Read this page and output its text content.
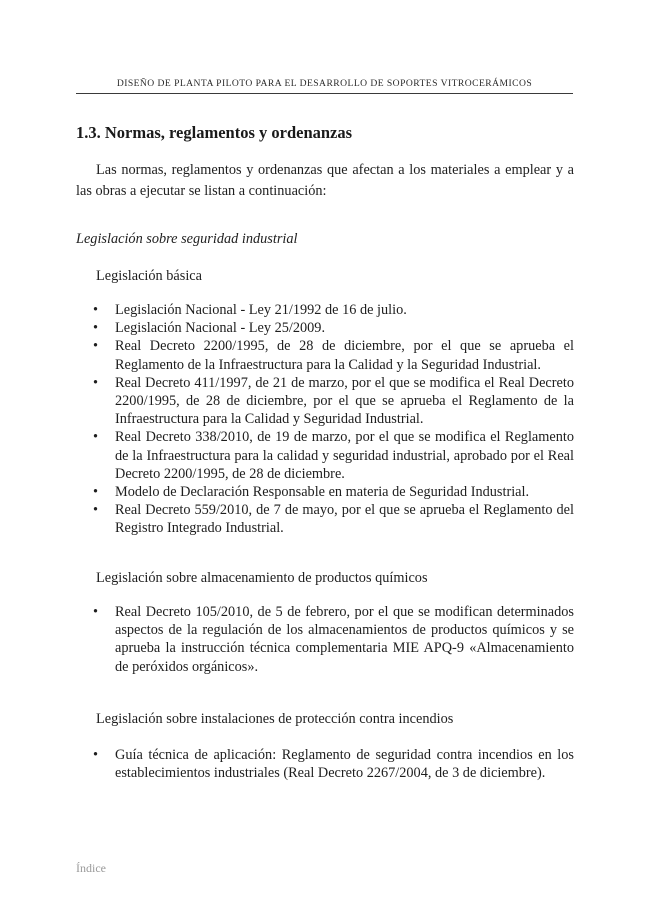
DISEÑO DE PLANTA PILOTO PARA EL DESARROLLO DE SOPORTES VITROCERÁMICOS
1.3. Normas, reglamentos y ordenanzas

Las normas, reglamentos y ordenanzas que afectan a los materiales a emplear y a las obras a ejecutar se listan a continuación:

Legislación sobre seguridad industrial
Legislación básica
• Legislación Nacional - Ley 21/1992 de 16 de julio.
• Legislación Nacional - Ley 25/2009.
• Real Decreto 2200/1995, de 28 de diciembre, por el que se aprueba el Reglamento de la Infraestructura para la Calidad y la Seguridad Industrial.
• Real Decreto 411/1997, de 21 de marzo, por el que se modifica el Real Decreto 2200/1995, de 28 de diciembre, por el que se aprueba el Reglamento de la Infraestructura para la Calidad y Seguridad Industrial.
• Real Decreto 338/2010, de 19 de marzo, por el que se modifica el Reglamento de la Infraestructura para la calidad y seguridad industrial, aprobado por el Real Decreto 2200/1995, de 28 de diciembre.
• Modelo de Declaración Responsable en materia de Seguridad Industrial.
• Real Decreto 559/2010, de 7 de mayo, por el que se aprueba el Reglamento del Registro Integrado Industrial.
Legislación sobre almacenamiento de productos químicos
• Real Decreto 105/2010, de 5 de febrero, por el que se modifican determinados aspectos de la regulación de los almacenamientos de productos químicos y se aprueba la instrucción técnica complementaria MIE APQ-9 «Almacenamiento de peróxidos orgánicos».
Legislación sobre instalaciones de protección contra incendios
• Guía técnica de aplicación: Reglamento de seguridad contra incendios en los establecimientos industriales (Real Decreto 2267/2004, de 3 de diciembre).
Índice
